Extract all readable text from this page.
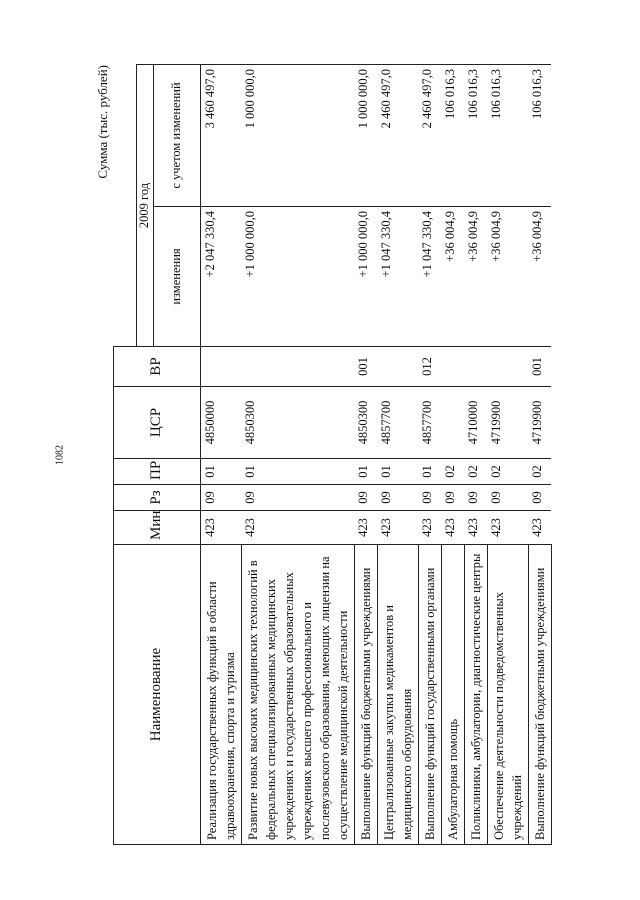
1082
Сумма (тыс. рублей)
Наименование	Мин	Рз	ПР	ЦСР	ВР		
						2009 год	
						изменения	с учетом изменений
Реализация государственных функций в области здравоохранения, спорта и туризма	423	09	01	4850000		+2 047 330,4	3 460 497,0
Развитие новых высоких медицинских технологий в федеральных специализированных медицинских учреждениях и государственных образовательных учреждениях высшего профессионального и послевузовского образования, имеющих лицензии на осуществление медицинской деятельности	423	09	01	4850300		+1 000 000,0	1 000 000,0
Выполнение функций бюджетными учреждениями	423	09	01	4850300	001	+1 000 000,0	1 000 000,0
Централизованные закупки медикаментов и медицинского оборудования	423	09	01	4857700		+1 047 330,4	2 460 497,0
Выполнение функций государственными органами	423	09	01	4857700	012	+1 047 330,4	2 460 497,0
Амбулаторная помощь	423	09	02			+36 004,9	106 016,3
Поликлиники, амбулатории, диагностические центры	423	09	02	4710000		+36 004,9	106 016,3
Обеспечение деятельности подведомственных учреждений	423	09	02	4719900		+36 004,9	106 016,3
Выполнение функций бюджетными учреждениями	423	09	02	4719900	001	+36 004,9	106 016,3
